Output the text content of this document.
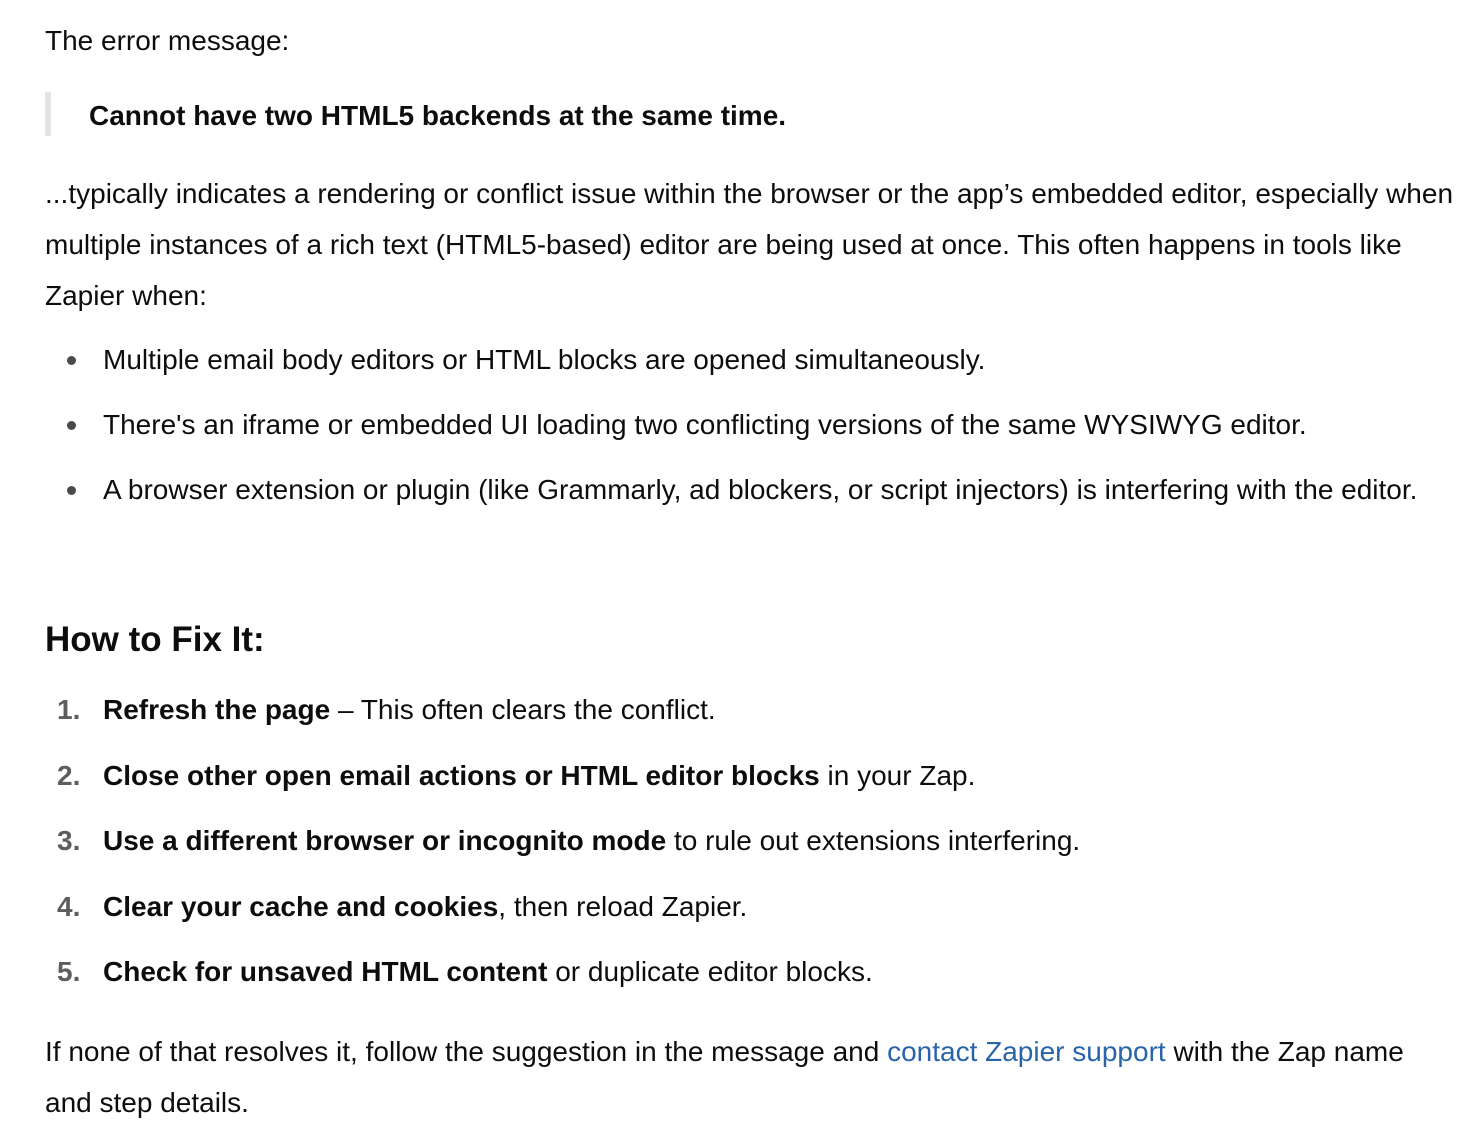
The error message:

Cannot have two HTML5 backends at the same time.

...typically indicates a rendering or conflict issue within the browser or the app’s embedded editor, especially when multiple instances of a rich text (HTML5-based) editor are being used at once. This often happens in tools like Zapier when:

Multiple email body editors or HTML blocks are opened simultaneously.
There's an iframe or embedded UI loading two conflicting versions of the same WYSIWYG editor.
A browser extension or plugin (like Grammarly, ad blockers, or script injectors) is interfering with the editor.
How to Fix It:
1. Refresh the page – This often clears the conflict.
2. Close other open email actions or HTML editor blocks in your Zap.
3. Use a different browser or incognito mode to rule out extensions interfering.
4. Clear your cache and cookies, then reload Zapier.
5. Check for unsaved HTML content or duplicate editor blocks.

If none of that resolves it, follow the suggestion in the message and contact Zapier support with the Zap name and step details.
